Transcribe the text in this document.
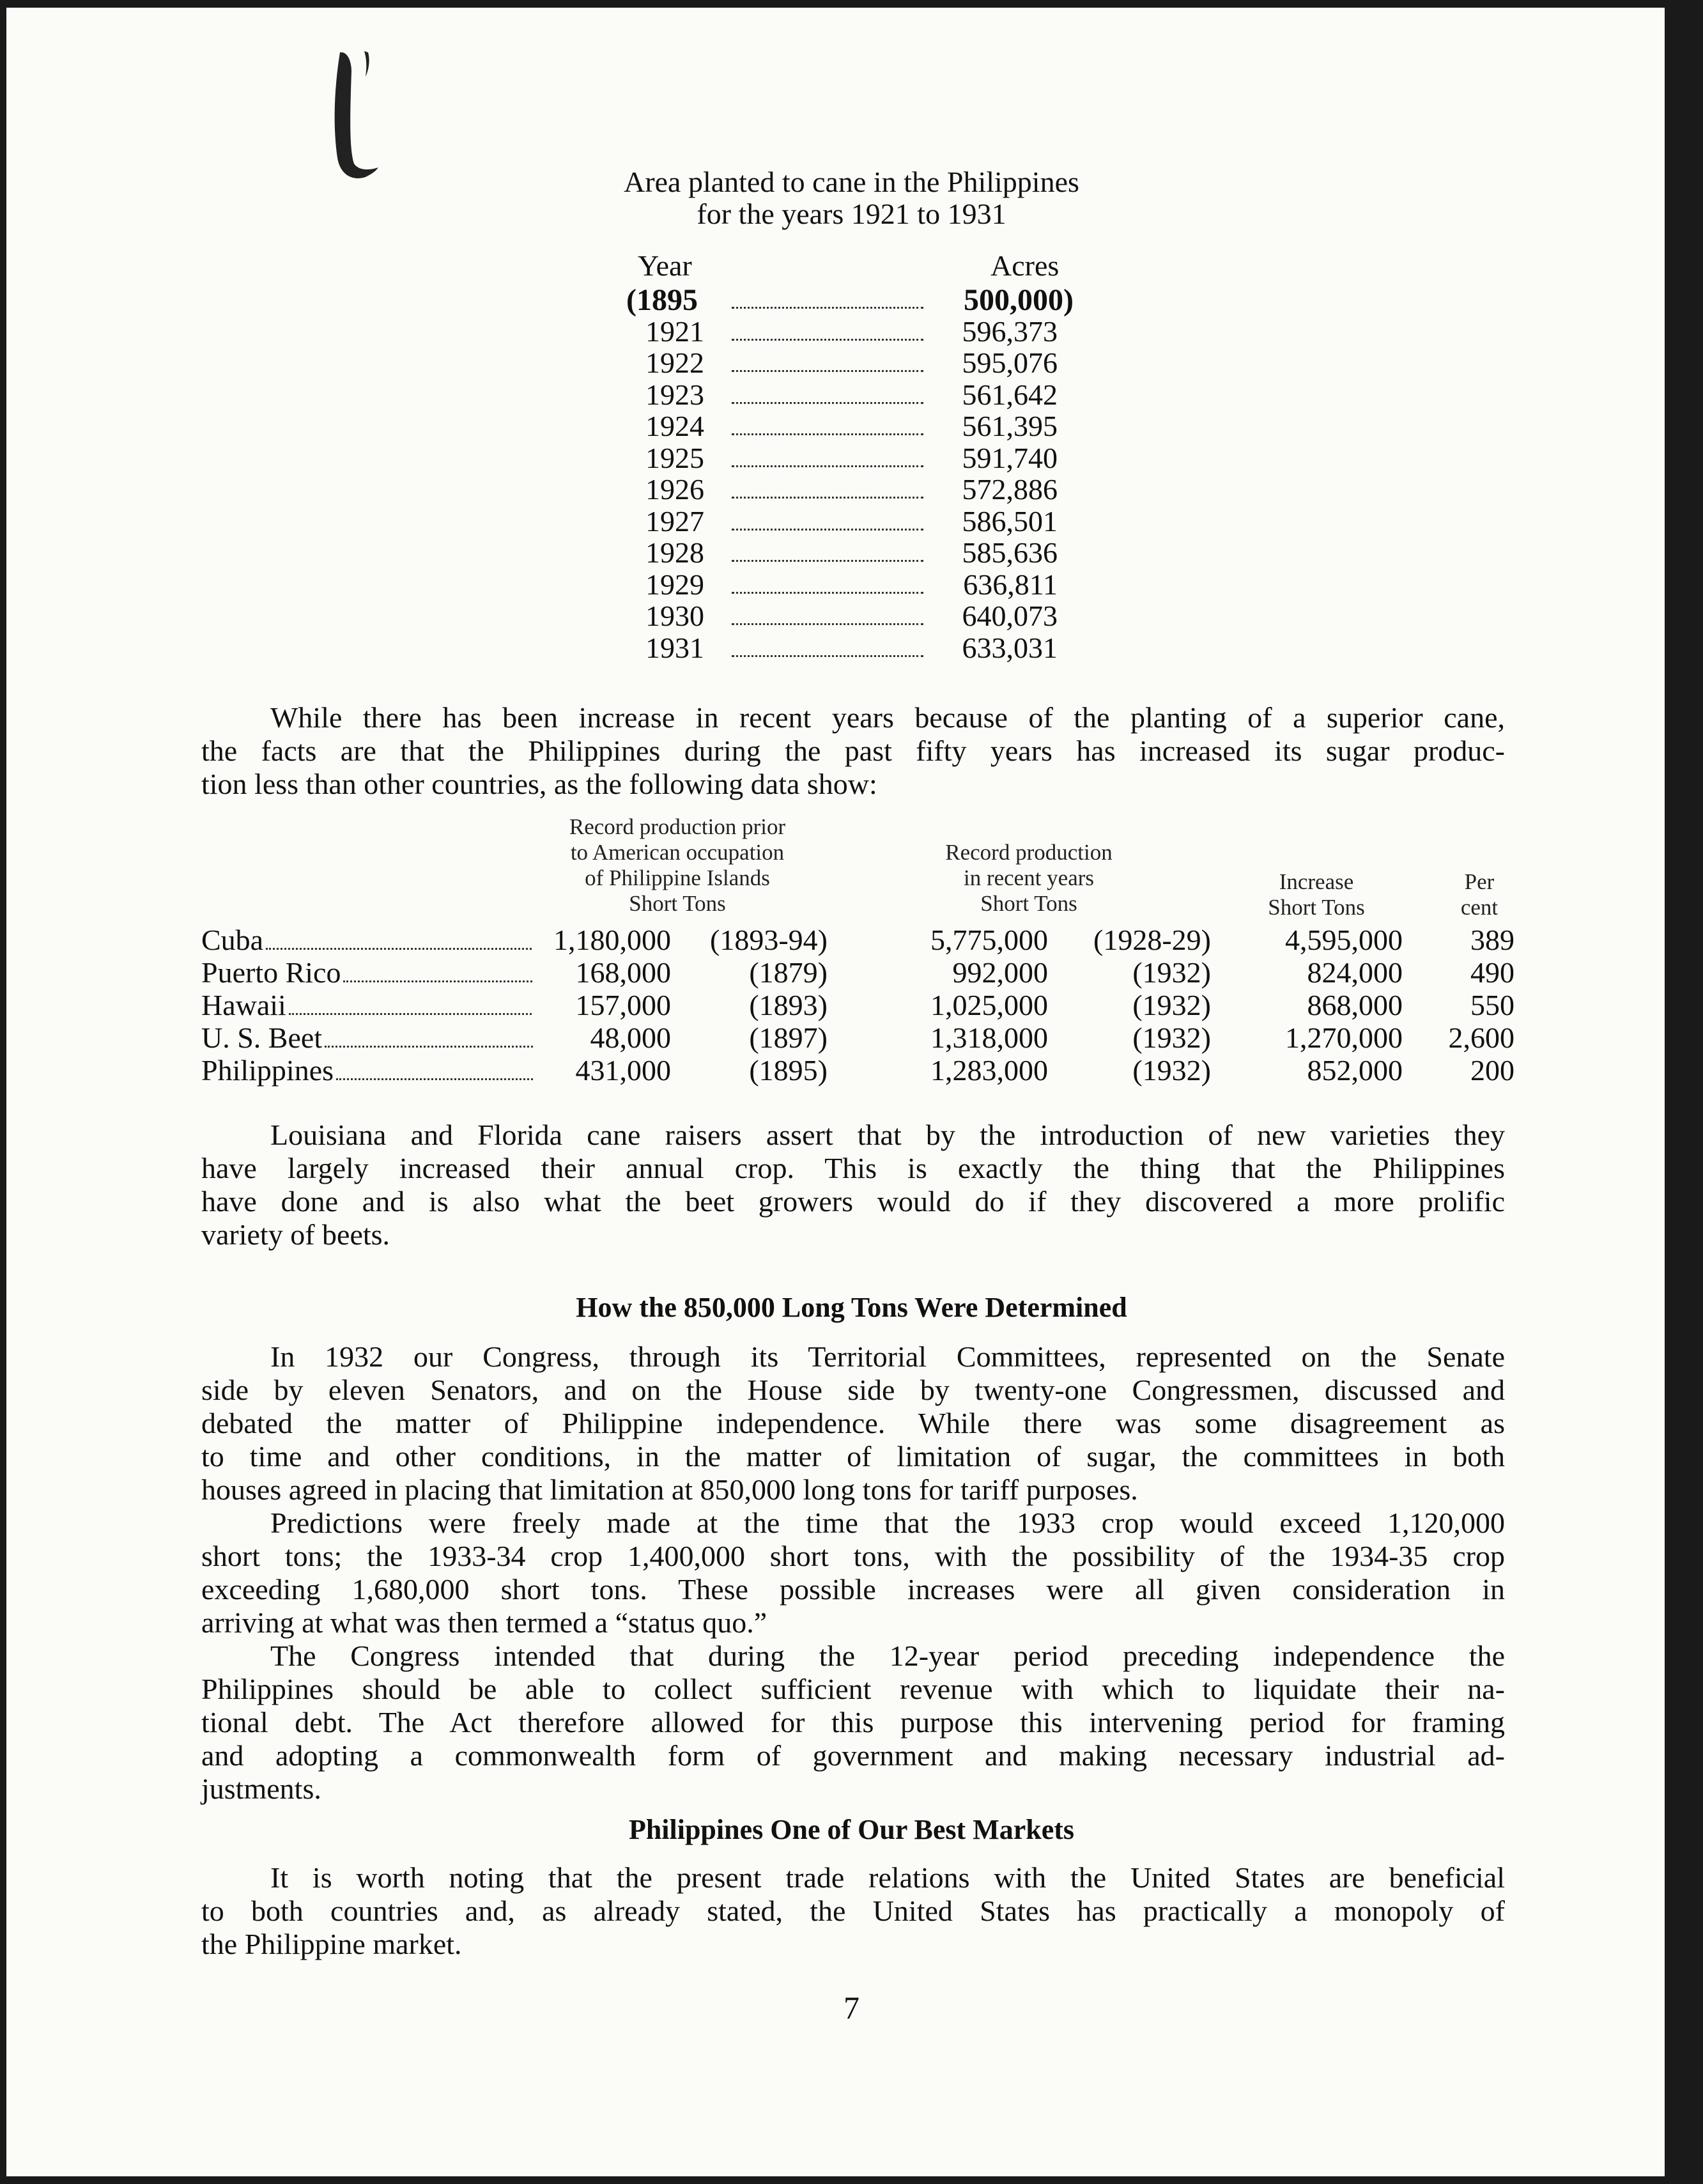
Area planted to cane in the Philippines
for the years 1921 to 1931
Year	Acres
(1895	500,000)
1921	596,373
1922	595,076
1923	561,642
1924	561,395
1925	591,740
1926	572,886
1927	586,501
1928	585,636
1929	636,811
1930	640,073
1931	633,031
While there has been increase in recent years because of the planting of a superior cane,
the facts are that the Philippines during the past fifty years has increased its sugar produc-
tion less than other countries, as the following data show:
Record production prior
to American occupation
of Philippine Islands
Short Tons
Record production
in recent years
Short Tons
Increase
Short Tons
Per
cent
Cuba	1,180,000	(1893-94)	5,775,000	(1928-29)	4,595,000	389
Puerto Rico	168,000	(1879)	992,000	(1932)	824,000	490
Hawaii	157,000	(1893)	1,025,000	(1932)	868,000	550
U. S. Beet	48,000	(1897)	1,318,000	(1932)	1,270,000	2,600
Philippines	431,000	(1895)	1,283,000	(1932)	852,000	200
Louisiana and Florida cane raisers assert that by the introduction of new varieties they
have largely increased their annual crop. This is exactly the thing that the Philippines
have done and is also what the beet growers would do if they discovered a more prolific
variety of beets.
How the 850,000 Long Tons Were Determined
In 1932 our Congress, through its Territorial Committees, represented on the Senate
side by eleven Senators, and on the House side by twenty-one Congressmen, discussed and
debated the matter of Philippine independence. While there was some disagreement as
to time and other conditions, in the matter of limitation of sugar, the committees in both
houses agreed in placing that limitation at 850,000 long tons for tariff purposes.
Predictions were freely made at the time that the 1933 crop would exceed 1,120,000
short tons; the 1933-34 crop 1,400,000 short tons, with the possibility of the 1934-35 crop
exceeding 1,680,000 short tons. These possible increases were all given consideration in
arriving at what was then termed a “status quo.”
The Congress intended that during the 12-year period preceding independence the
Philippines should be able to collect sufficient revenue with which to liquidate their na-
tional debt. The Act therefore allowed for this purpose this intervening period for framing
and adopting a commonwealth form of government and making necessary industrial ad-
justments.
Philippines One of Our Best Markets
It is worth noting that the present trade relations with the United States are beneficial
to both countries and, as already stated, the United States has practically a monopoly of
the Philippine market.
7
